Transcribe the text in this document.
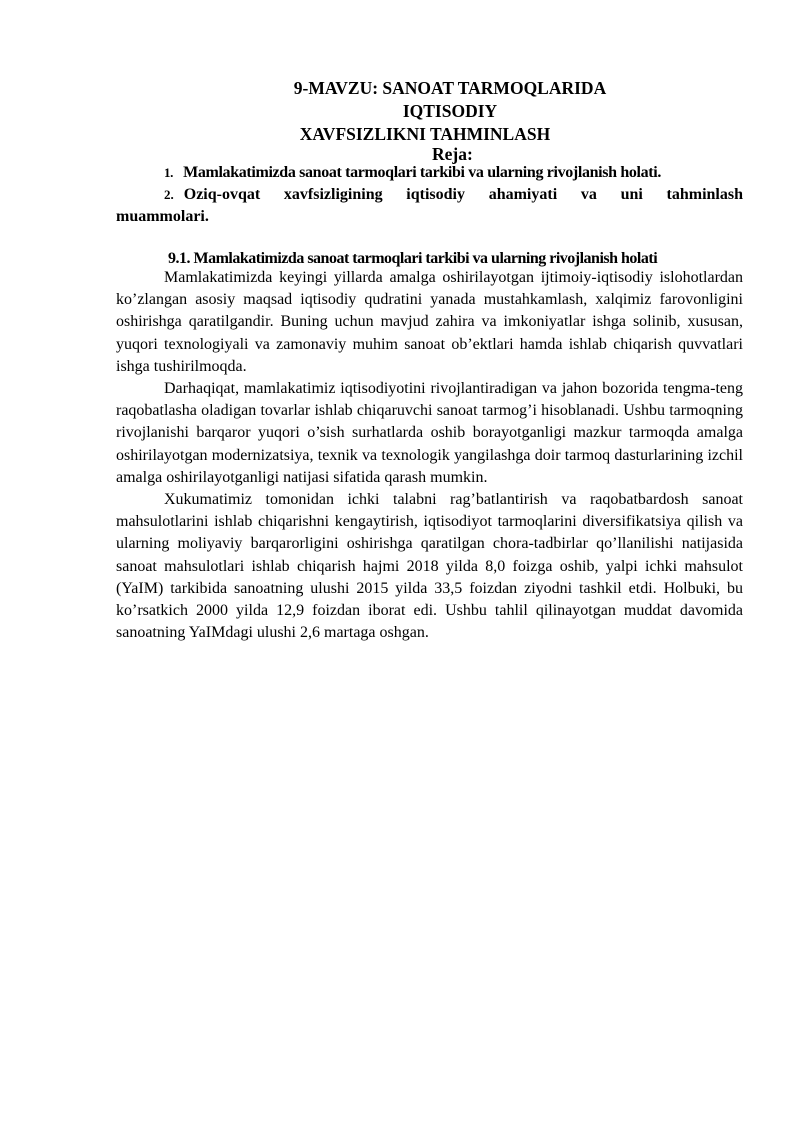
9-MAVZU: SANOAT TARMOQLARIDA IQTISODIY
XAVFSIZLIKNI TAHMINLASH
Reja:
1. Mamlakatimizda sanoat tarmoqlari tarkibi va ularning rivojlanish holati.
2. Oziq-ovqat xavfsizligining iqtisodiy ahamiyati va uni tahminlash
muammolari.
9.1. Mamlakatimizda sanoat tarmoqlari tarkibi va ularning rivojlanish holati

Mamlakatimizda keyingi yillarda amalga oshirilayotgan ijtimoiy-iqtisodiy islohotlardan ko’zlangan asosiy maqsad iqtisodiy qudratini yanada mustahkamlash, xalqimiz farovonligini oshirishga qaratilgandir. Buning uchun mavjud zahira va imkoniyatlar ishga solinib, xususan, yuqori texnologiyali va zamonaviy muhim sanoat ob’ektlari hamda ishlab chiqarish quvvatlari ishga tushirilmoqda.

Darhaqiqat, mamlakatimiz iqtisodiyotini rivojlantiradigan va jahon bozorida tengma-teng raqobatlasha oladigan tovarlar ishlab chiqaruvchi sanoat tarmog’i hisoblanadi. Ushbu tarmoqning rivojlanishi barqaror yuqori o’sish surhatlarda oshib borayotganligi mazkur tarmoqda amalga oshirilayotgan modernizatsiya, texnik va texnologik yangilashga doir tarmoq dasturlarining izchil amalga oshirilayotganligi natijasi sifatida qarash mumkin.

Xukumatimiz tomonidan ichki talabni rag’batlantirish va raqobatbardosh sanoat mahsulotlarini ishlab chiqarishni kengaytirish, iqtisodiyot tarmoqlarini diversifikatsiya qilish va ularning moliyaviy barqarorligini oshirishga qaratilgan chora-tadbirlar qo’llanilishi natijasida sanoat mahsulotlari ishlab chiqarish hajmi 2018 yilda 8,0 foizga oshib, yalpi ichki mahsulot (YaIM) tarkibida sanoatning ulushi 2015 yilda 33,5 foizdan ziyodni tashkil etdi. Holbuki, bu ko’rsatkich 2000 yilda 12,9 foizdan iborat edi. Ushbu tahlil qilinayotgan muddat davomida sanoatning YaIMdagi ulushi 2,6 martaga oshgan.
